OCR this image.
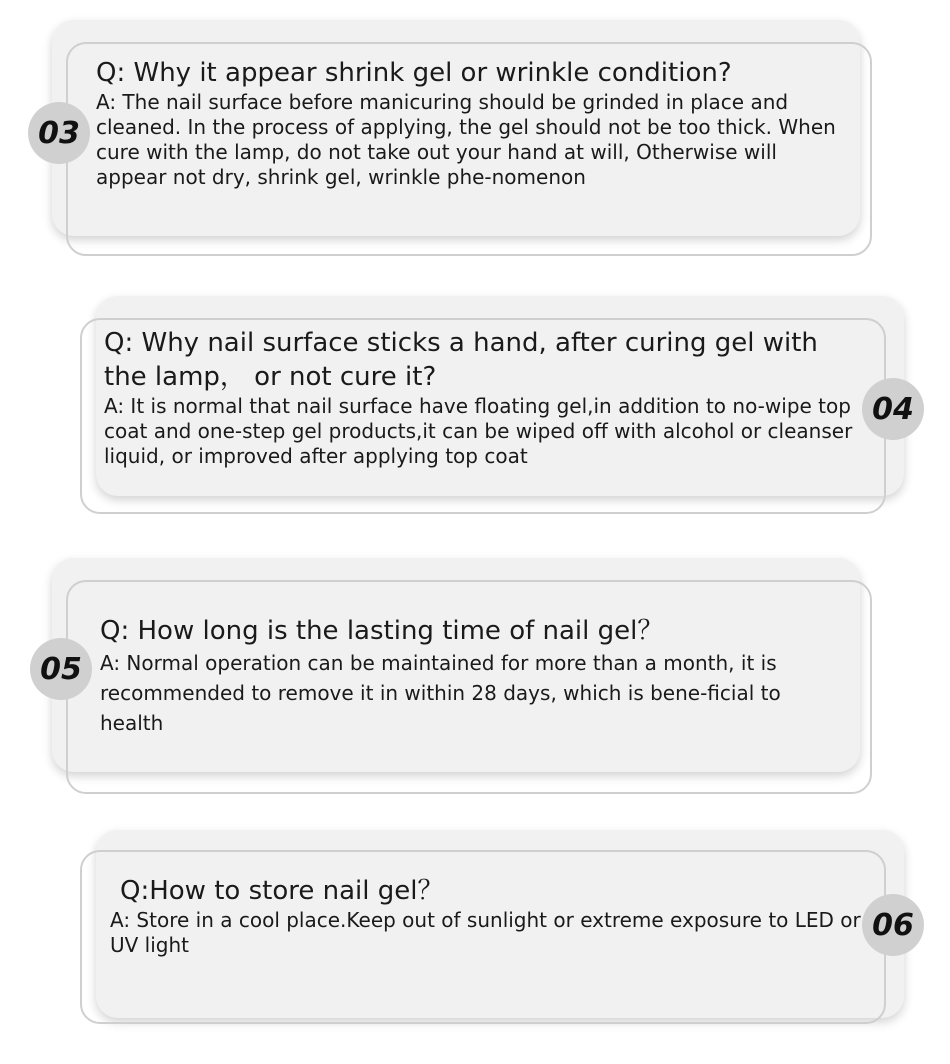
Q: Why it appear shrink gel or wrinkle condition?

A: The nail surface before manicuring should be grinded in place and cleaned. In the process of applying, the gel should not be too thick. When cure with the lamp, do not take out your hand at will, Otherwise will appear not dry, shrink gel, wrinkle phe-nomenon

03

Q: Why nail surface sticks a hand, after curing gel with the lamp， or not cure it?

A: It is normal that nail surface have floating gel,in addition to no-wipe top coat and one-step gel products,it can be wiped off with alcohol or cleanser liquid, or improved after applying top coat

04

Q: How long is the lasting time of nail gel？

A: Normal operation can be maintained for more than a month, it is recommended to remove it in within 28 days, which is bene-ficial to health

05

Q:How to store nail gel？

A: Store in a cool place.Keep out of sunlight or extreme exposure to LED or UV light

06
